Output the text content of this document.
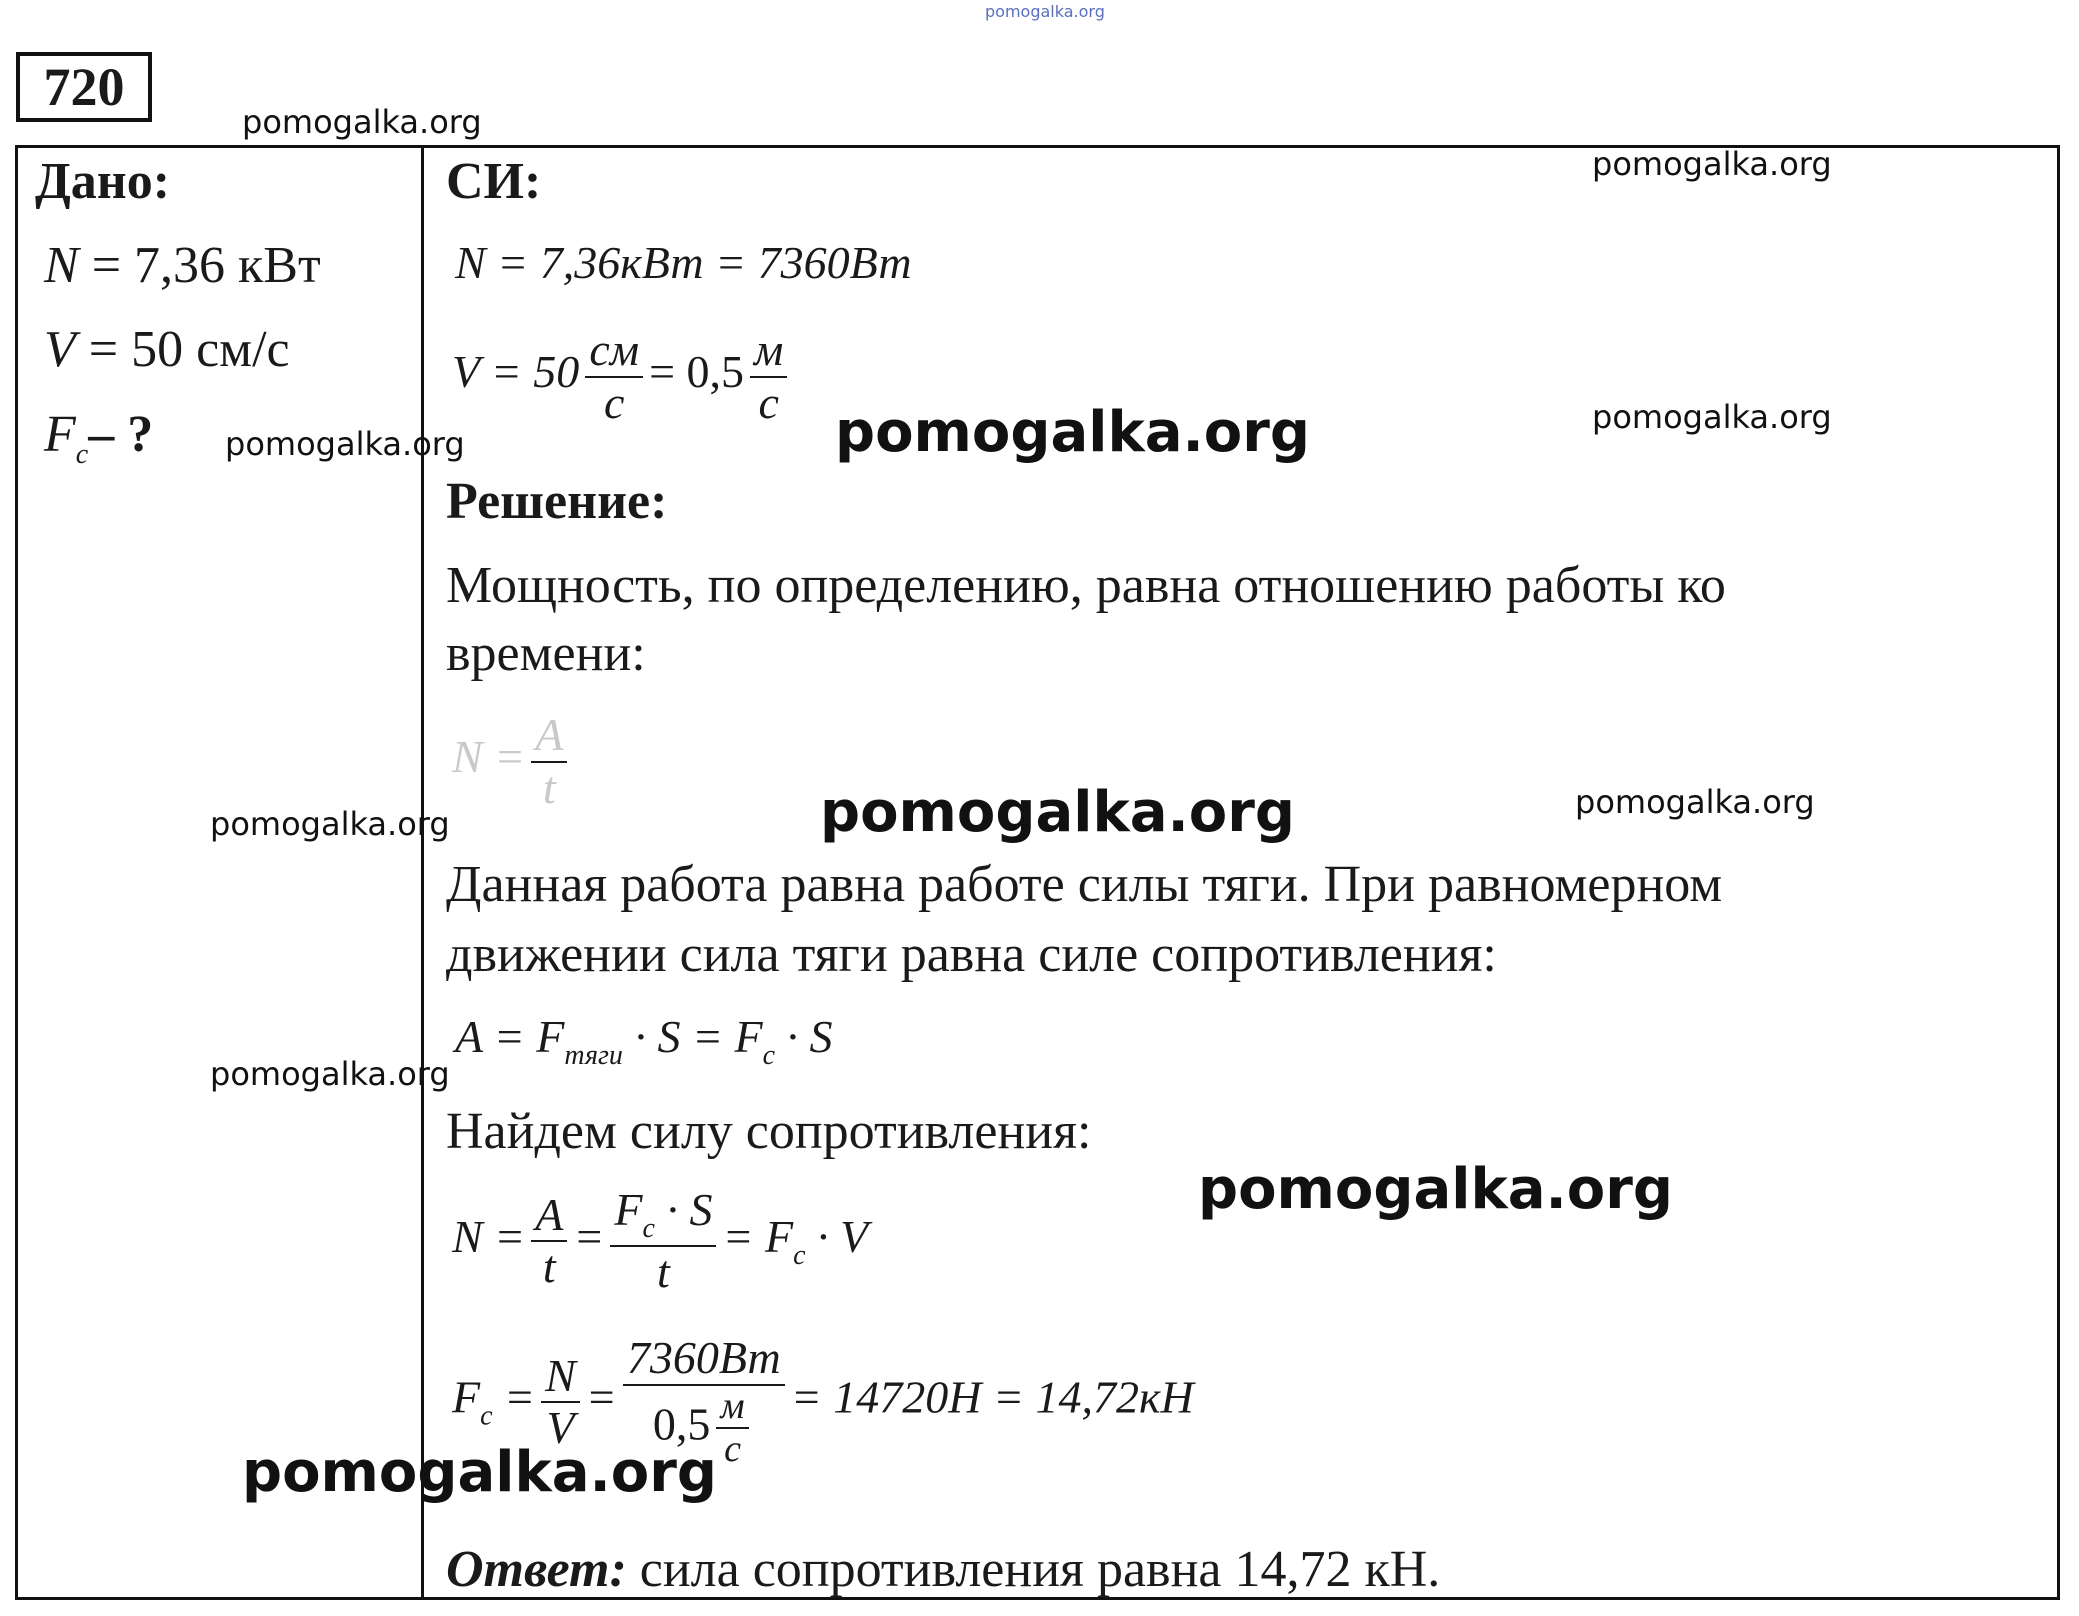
pomogalka.org
720
Дано:
N = 7,36 кВт
V = 50 см/с
$F_c-$ ?
СИ:
N = 7,36кВт = 7360Вт
$V = 50 \frac{см}{с} = 0,5 \frac{м}{с}$
Решение:
Мощность, по определению, равна отношению работы ко
времени:
$N = \frac{A}{t}$
Данная работа равна работе силы тяги. При равномерном
движении сила тяги равна силе сопротивления:
$A = F_{тяги} \cdot S = F_c \cdot S$
Найдем силу сопротивления:
$N = \frac{A}{t} = \frac{F_c \cdot S}{t} = F_c \cdot V$
$F_c = \frac{N}{V} = \frac{7360Вт}{0,5 \frac{м}{с}} = 14720Н = 14,72кН$
Ответ: сила сопротивления равна 14,72 кН.
pomogalka.org
pomogalka.org
pomogalka.org
pomogalka.org	pomogalka.org
pomogalka.org
pomogalka.org	pomogalka.org
pomogalka.org
pomogalka.org
pomogalka.org
